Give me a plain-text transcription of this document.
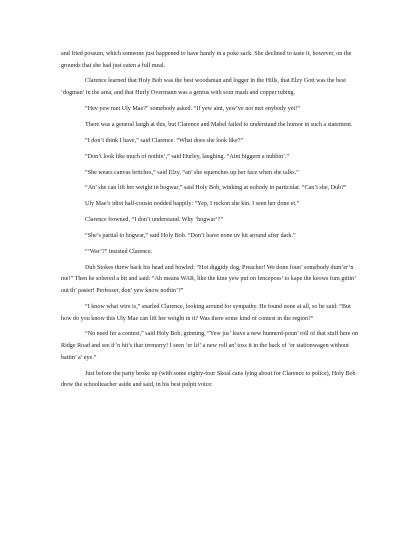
and fried possum, which someone just happened to have handy in a poke sack. She declined to taste it, however, on the grounds that she had just eaten a full meal.

Clarence learned that Holy Bob was the best woodsman and logger in the Hills, that Elzy Gott was the best ‘dogman’ in the area, and that Hurly Overmann was a genius with sour mash and copper tubing.

“Hev yew met Uly Mae?” somebody asked. “If yew aint, yew’ve not met enybody yet!”

There was a general laugh at this, but Clarence and Mabel failed to understand the humor in such a statement.

“I don’t think I have,” said Clarence. “What does she look like?”

“Don’t look like much of nothin’,” said Hurley, laughing. “Aint biggern a nubbin’.”

“She wears canvas britches,” said Elzy, “an’ she squenches up her face when she talks.”

“An’ she can lift her weight in hogwar,” said Holy Bob, winking at nobody in particular. “Can’t she, Dub?”

Uly Mae’s idiot half-cousin nodded happily: “Yep, I reckon she kin. I seen her done et.”

Clarence frowned, “I don’t understand. Why ‘hogwar’?”

“She’s partial to hogwar,” said Holy Bob. “Don’t leave none uv hit around after dark.”

“‘War’?” insisted Clarence.

Dub Stokes threw back his head and howled: “Hot diggidy dog, Preacher! We done foun’ somebody dum’er’n me!” Then he sobered a bit and said: “Ah means WAR, like the kine yew put on fenceposs’ to kape the keows fum gittin’ out th’ paster! Perfesser, don’ yew know nothin’?”

“I know what wire is,” snarled Clarence, looking around for sympathy. He found none at all, so he said: “But how do you know this Uly Mae can lift her weight in it? Was there some kind of contest in the region?”

“No need fer a contest,” said Holy Bob, grinning, “Yew jus’ leave a new hunnerd-poun’ roll of that stuff here on Ridge Road and see if’n hit’s thar termorry! I seen ‘er lif’ a new roll an’ toss it in the back of ‘er stationwagen without battin’ a’ eye.”

Just before the party broke up (with some eighty-four Skoal cans lying about for Clarence to police), Holy Bob drew the schoolteacher aside and said, in his best pulpit voice:
